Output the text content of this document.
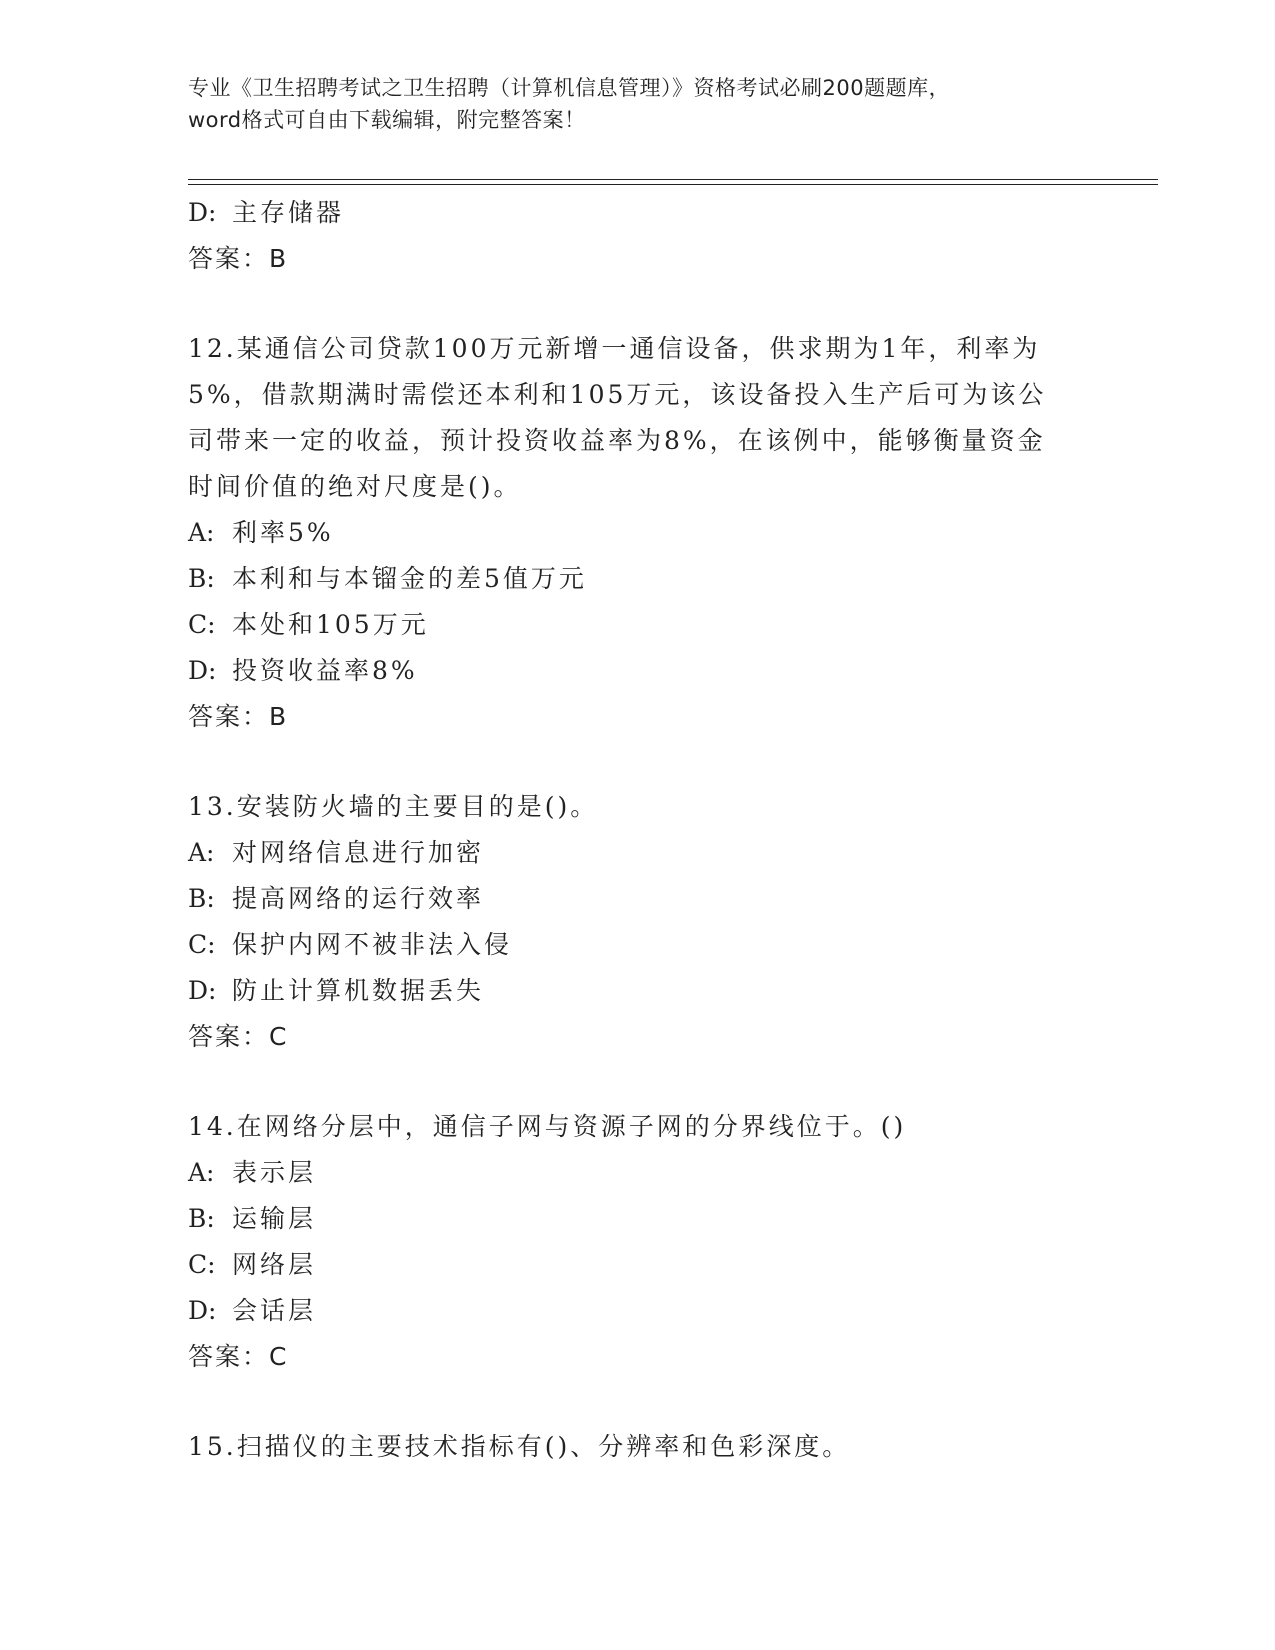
专业《卫生招聘考试之卫生招聘（计算机信息管理）》资格考试必刷200题题库，
word格式可自由下载编辑，附完整答案！
D: 主存储器
答案：B
12.某通信公司贷款100万元新增一通信设备，供求期为1年，利率为
5%，借款期满时需偿还本利和105万元，该设备投入生产后可为该公
司带来一定的收益，预计投资收益率为8%，在该例中，能够衡量资金
时间价值的绝对尺度是()。
A: 利率5%
B: 本利和与本镏金的差5值万元
C: 本处和105万元
D: 投资收益率8%
答案：B
13.安装防火墙的主要目的是()。
A: 对网络信息进行加密
B: 提高网络的运行效率
C: 保护内网不被非法入侵
D: 防止计算机数据丢失
答案：C
14.在网络分层中，通信子网与资源子网的分界线位于。()
A: 表示层
B: 运输层
C: 网络层
D: 会话层
答案：C
15.扫描仪的主要技术指标有()、分辨率和色彩深度。
